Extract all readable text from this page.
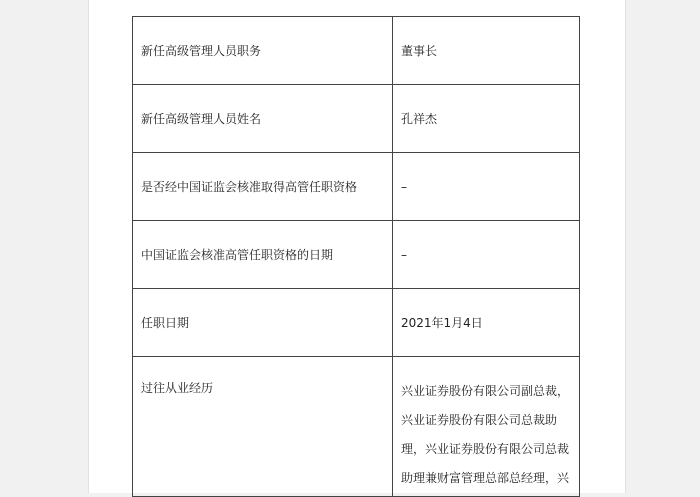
新任高级管理人员职务	董事长
新任高级管理人员姓名	孔祥杰
是否经中国证监会核准取得高管任职资格	–
中国证监会核准高管任职资格的日期	–
任职日期	2021年1月4日

过往从业经历	兴业证券股份有限公司副总裁，
兴业证券股份有限公司总裁助
理，兴业证券股份有限公司总裁
助理兼财富管理总部总经理，兴
